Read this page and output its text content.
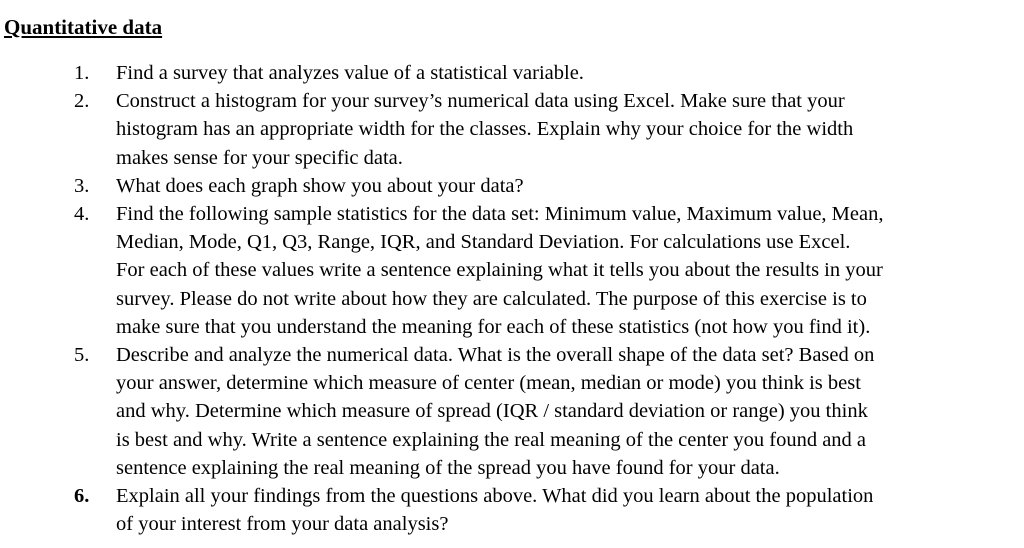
Quantitative data
1.	Find a survey that analyzes value of a statistical variable.
2.	Construct a histogram for your survey’s numerical data using Excel. Make sure that your
histogram has an appropriate width for the classes. Explain why your choice for the width
makes sense for your specific data.
3.	What does each graph show you about your data?
4.	Find the following sample statistics for the data set: Minimum value, Maximum value, Mean,
Median, Mode, Q1, Q3, Range, IQR, and Standard Deviation. For calculations use Excel.
For each of these values write a sentence explaining what it tells you about the results in your
survey. Please do not write about how they are calculated. The purpose of this exercise is to
make sure that you understand the meaning for each of these statistics (not how you find it).
5.	Describe and analyze the numerical data. What is the overall shape of the data set? Based on
your answer, determine which measure of center (mean, median or mode) you think is best
and why. Determine which measure of spread (IQR / standard deviation or range) you think
is best and why. Write a sentence explaining the real meaning of the center you found and a
sentence explaining the real meaning of the spread you have found for your data.
6.	Explain all your findings from the questions above. What did you learn about the population
of your interest from your data analysis?
